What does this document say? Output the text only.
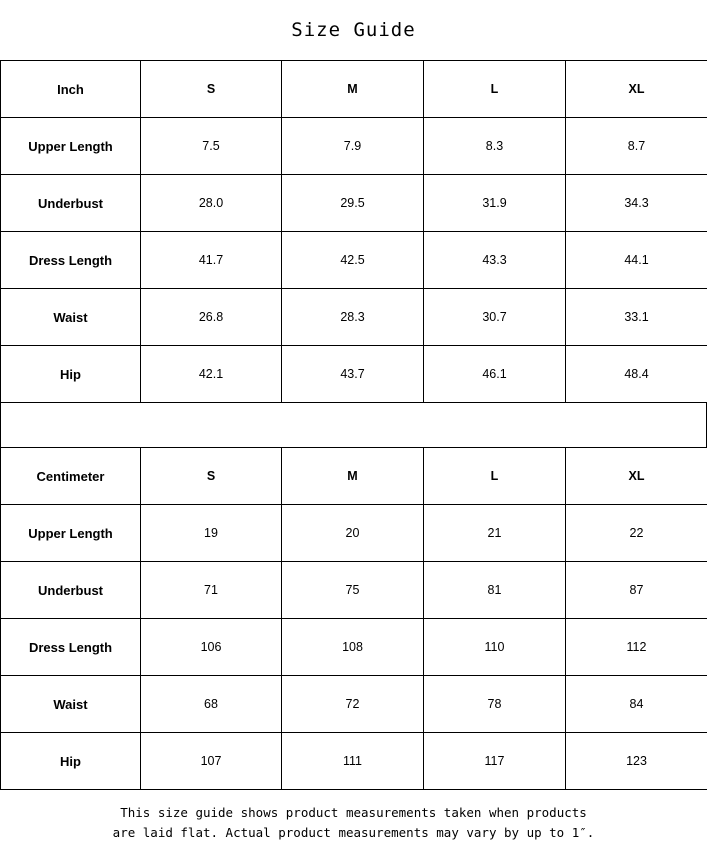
Size Guide
Inch	S	M	L	XL
Upper Length	7.5	7.9	8.3	8.7
Underbust	28.0	29.5	31.9	34.3
Dress Length	41.7	42.5	43.3	44.1
Waist	26.8	28.3	30.7	33.1
Hip	42.1	43.7	46.1	48.4
Centimeter	S	M	L	XL
Upper Length	19	20	21	22
Underbust	71	75	81	87
Dress Length	106	108	110	112
Waist	68	72	78	84
Hip	107	111	117	123
This size guide shows product measurements taken when products
are laid flat. Actual product measurements may vary by up to 1″.
